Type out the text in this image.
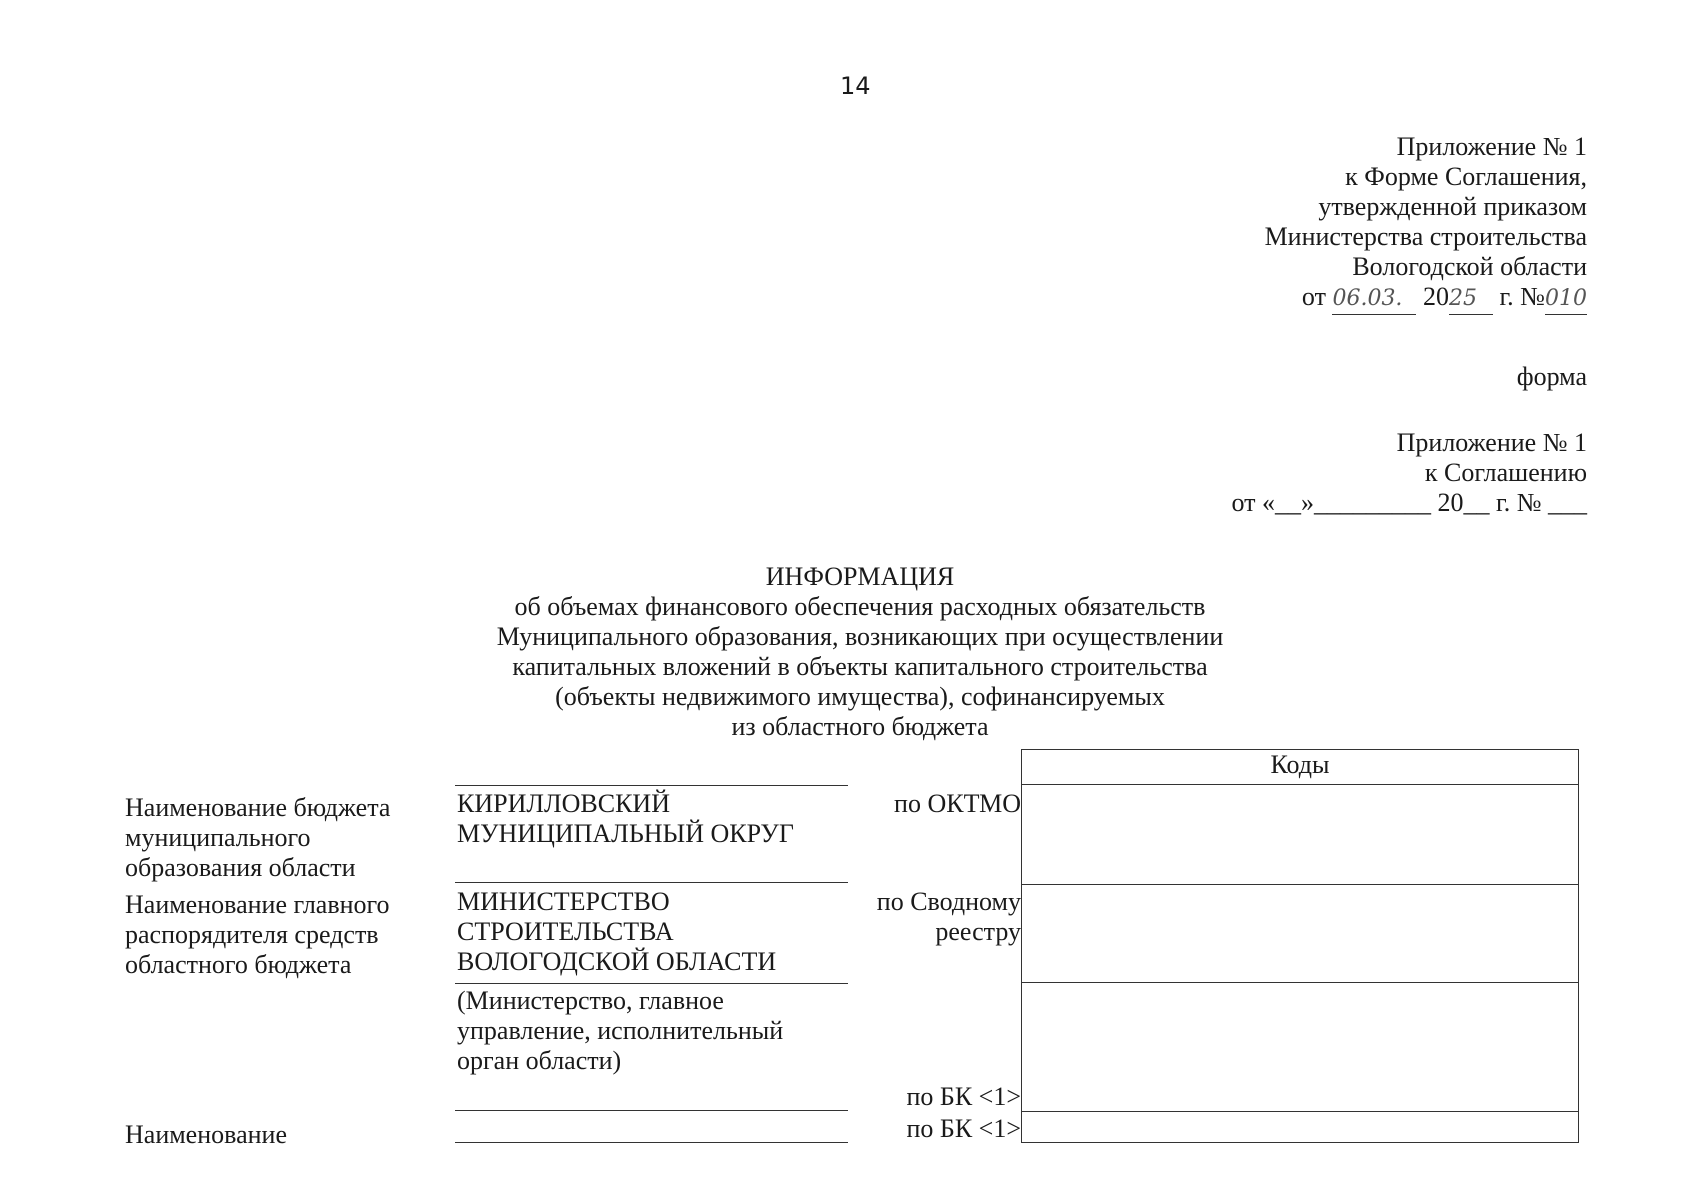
14
Приложение № 1
к Форме Соглашения,
утвержденной приказом
Министерства строительства
Вологодской области
от 06.03. 2025 г. №010
форма
Приложение № 1
к Соглашению
от «__»_________ 20__ г. № ___
ИНФОРМАЦИЯ
об объемах финансового обеспечения расходных обязательств
Муниципального образования, возникающих при осуществлении
капитальных вложений в объекты капитального строительства
(объекты недвижимого имущества), софинансируемых
из областного бюджета
Коды
Наименование бюджета
муниципального
образования области
КИРИЛЛОВСКИЙ
МУНИЦИПАЛЬНЫЙ ОКРУГ
по ОКТМО
Наименование главного
распорядителя средств
областного бюджета
МИНИСТЕРСТВО
СТРОИТЕЛЬСТВА
ВОЛОГОДСКОЙ ОБЛАСТИ
(Министерство, главное
управление, исполнительный
орган области)
по Сводному
реестру
по БК <1>
Наименование	по БК <1>
